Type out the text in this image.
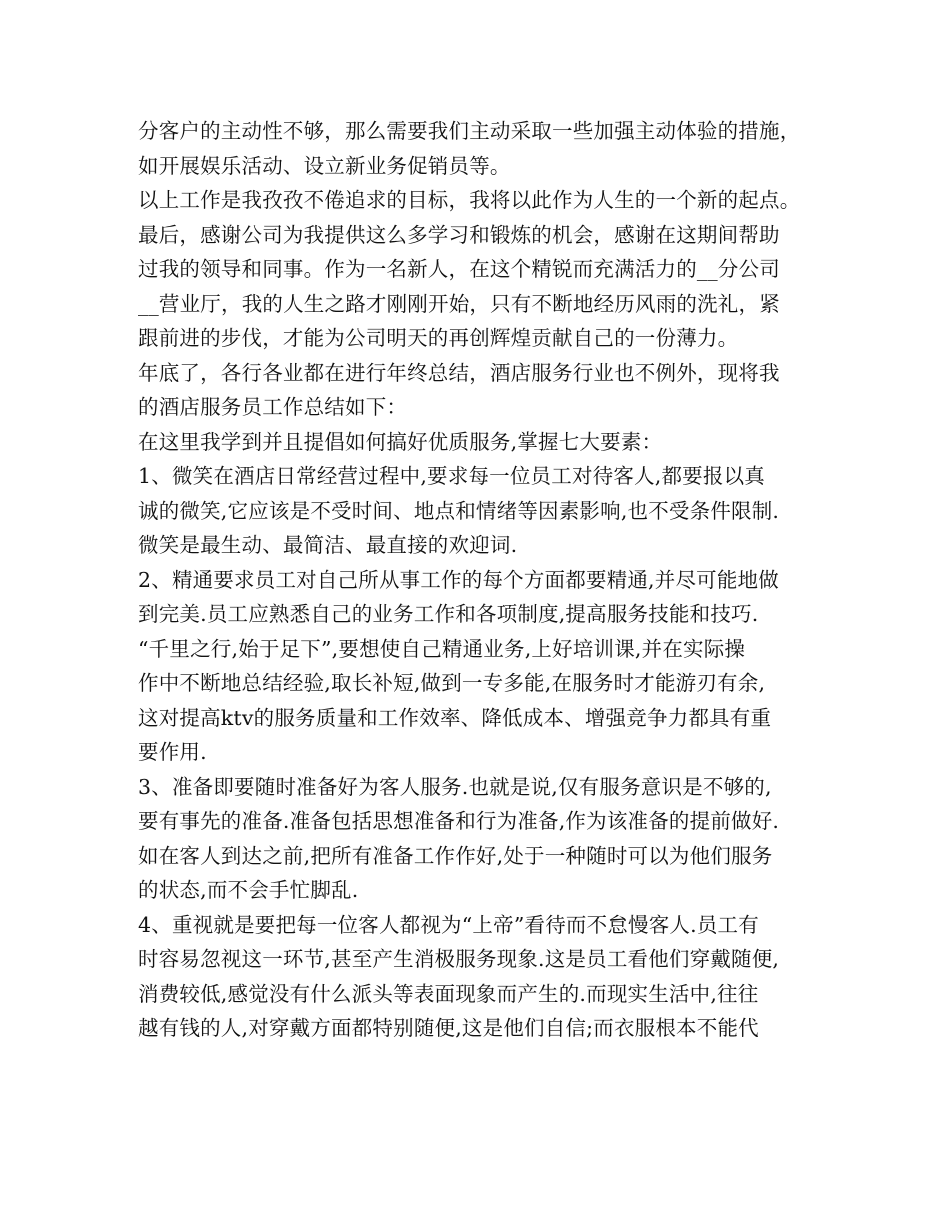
分客户的主动性不够，那么需要我们主动采取一些加强主动体验的措施，
如开展娱乐活动、设立新业务促销员等。
以上工作是我孜孜不倦追求的目标，我将以此作为人生的一个新的起点。
最后，感谢公司为我提供这么多学习和锻炼的机会，感谢在这期间帮助
过我的领导和同事。作为一名新人，在这个精锐而充满活力的__分公司
__营业厅，我的人生之路才刚刚开始，只有不断地经历风雨的洗礼，紧
跟前进的步伐，才能为公司明天的再创辉煌贡献自己的一份薄力。
年底了，各行各业都在进行年终总结，酒店服务行业也不例外，现将我
的酒店服务员工作总结如下：
在这里我学到并且提倡如何搞好优质服务,掌握七大要素：
1、微笑在酒店日常经营过程中,要求每一位员工对待客人,都要报以真
诚的微笑,它应该是不受时间、地点和情绪等因素影响,也不受条件限制.
微笑是最生动、最简洁、最直接的欢迎词.
2、精通要求员工对自己所从事工作的每个方面都要精通,并尽可能地做
到完美.员工应熟悉自己的业务工作和各项制度,提高服务技能和技巧.
“千里之行,始于足下”,要想使自己精通业务,上好培训课,并在实际操
作中不断地总结经验,取长补短,做到一专多能,在服务时才能游刃有余,
这对提高ktv的服务质量和工作效率、降低成本、增强竞争力都具有重
要作用.
3、准备即要随时准备好为客人服务.也就是说,仅有服务意识是不够的,
要有事先的准备.准备包括思想准备和行为准备,作为该准备的提前做好.
如在客人到达之前,把所有准备工作作好,处于一种随时可以为他们服务
的状态,而不会手忙脚乱.
4、重视就是要把每一位客人都视为“上帝”看待而不怠慢客人.员工有
时容易忽视这一环节,甚至产生消极服务现象.这是员工看他们穿戴随便,
消费较低,感觉没有什么派头等表面现象而产生的.而现实生活中,往往
越有钱的人,对穿戴方面都特别随便,这是他们自信;而衣服根本不能代
